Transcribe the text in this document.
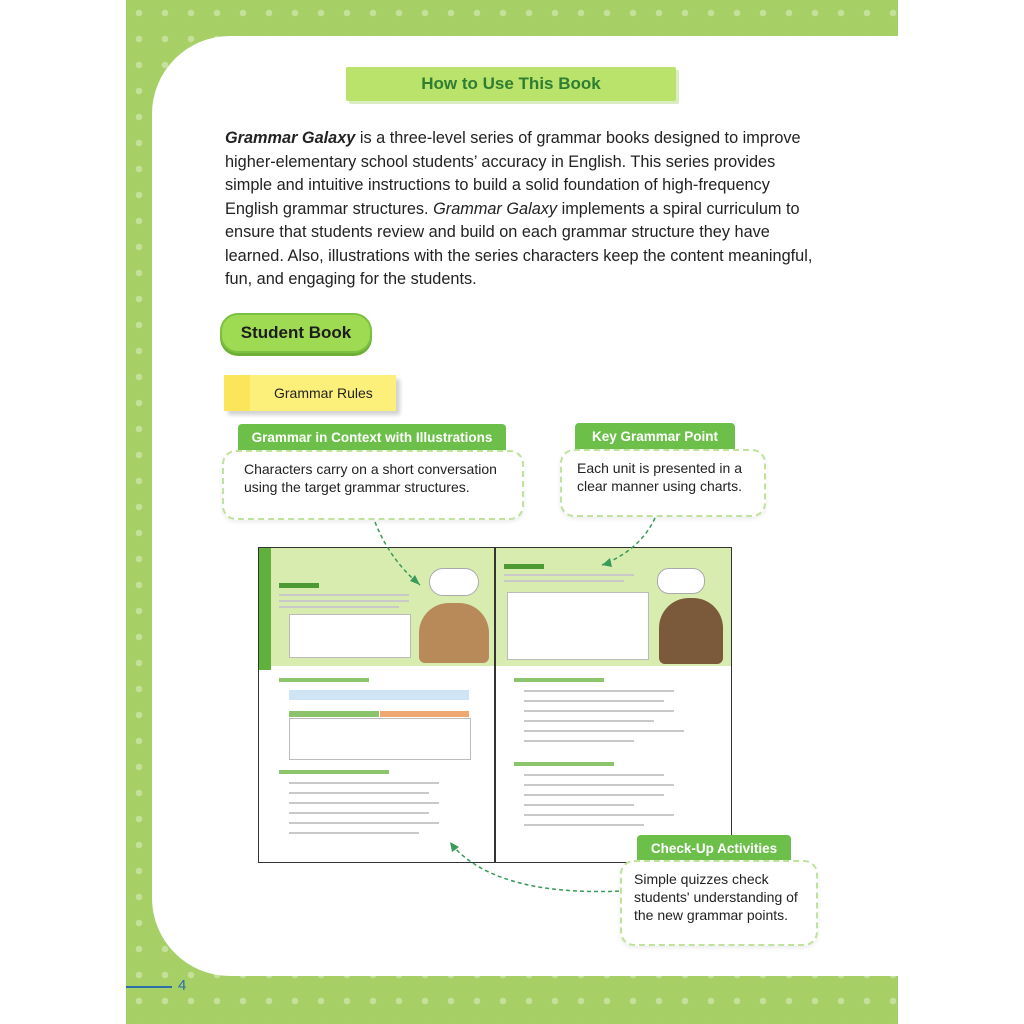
How to Use This Book
Grammar Galaxy is a three-level series of grammar books designed to improve higher-elementary school students’ accuracy in English. This series provides simple and intuitive instructions to build a solid foundation of high-frequency English grammar structures. Grammar Galaxy implements a spiral curriculum to ensure that students review and build on each grammar structure they have learned. Also, illustrations with the series characters keep the content meaningful, fun, and engaging for the students.
Student Book
Grammar Rules
Grammar in Context with Illustrations
Characters carry on a short conversation using the target grammar structures.
Key Grammar Point
Each unit is presented in a clear manner using charts.
Check-Up Activities
Simple quizzes check students' understanding of the new grammar points.
4
